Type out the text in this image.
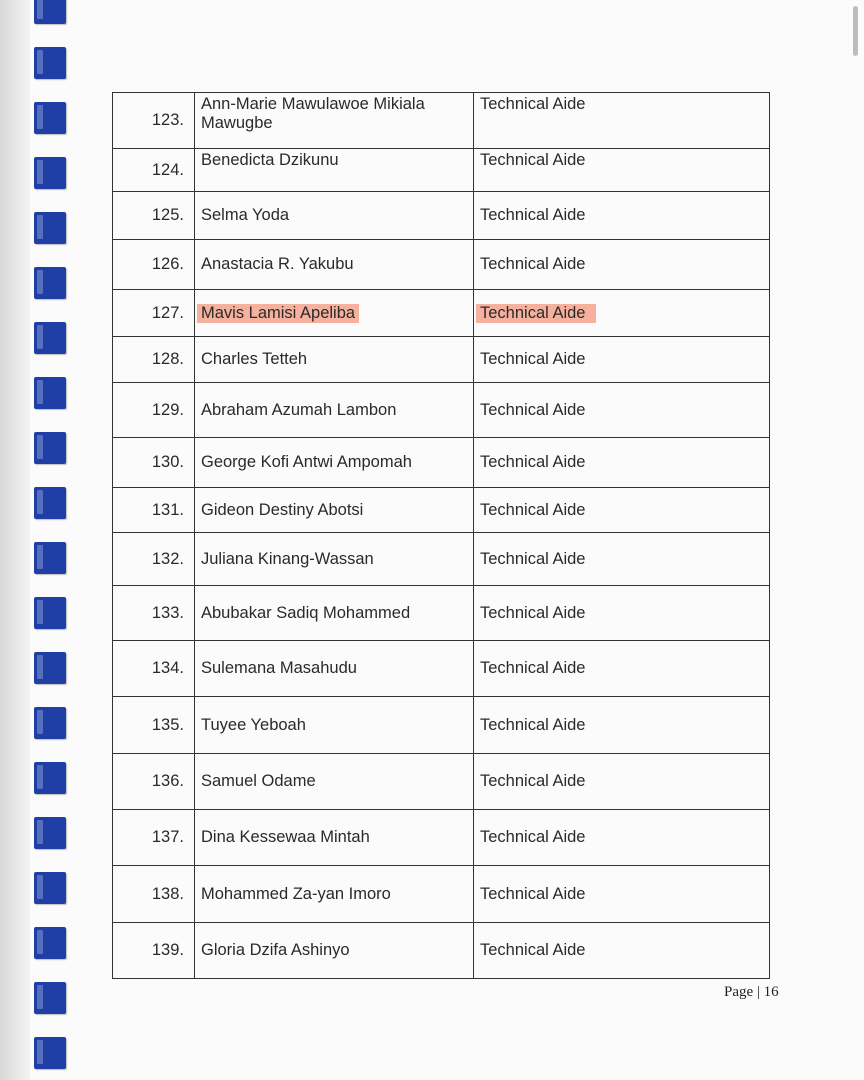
123.	Ann-Marie Mawulawoe Mikiala Mawugbe	Technical Aide
124.	Benedicta Dzikunu	Technical Aide
125.	Selma Yoda	Technical Aide
126.	Anastacia R. Yakubu	Technical Aide
127.	Mavis Lamisi Apeliba	Technical Aide
128.	Charles Tetteh	Technical Aide
129.	Abraham Azumah Lambon	Technical Aide
130.	George Kofi Antwi Ampomah	Technical Aide
131.	Gideon Destiny Abotsi	Technical Aide
132.	Juliana Kinang-Wassan	Technical Aide
133.	Abubakar Sadiq Mohammed	Technical Aide
134.	Sulemana Masahudu	Technical Aide
135.	Tuyee Yeboah	Technical Aide
136.	Samuel Odame	Technical Aide
137.	Dina Kessewaa Mintah	Technical Aide
138.	Mohammed Za-yan Imoro	Technical Aide
139.	Gloria Dzifa Ashinyo	Technical Aide
Page | 16
